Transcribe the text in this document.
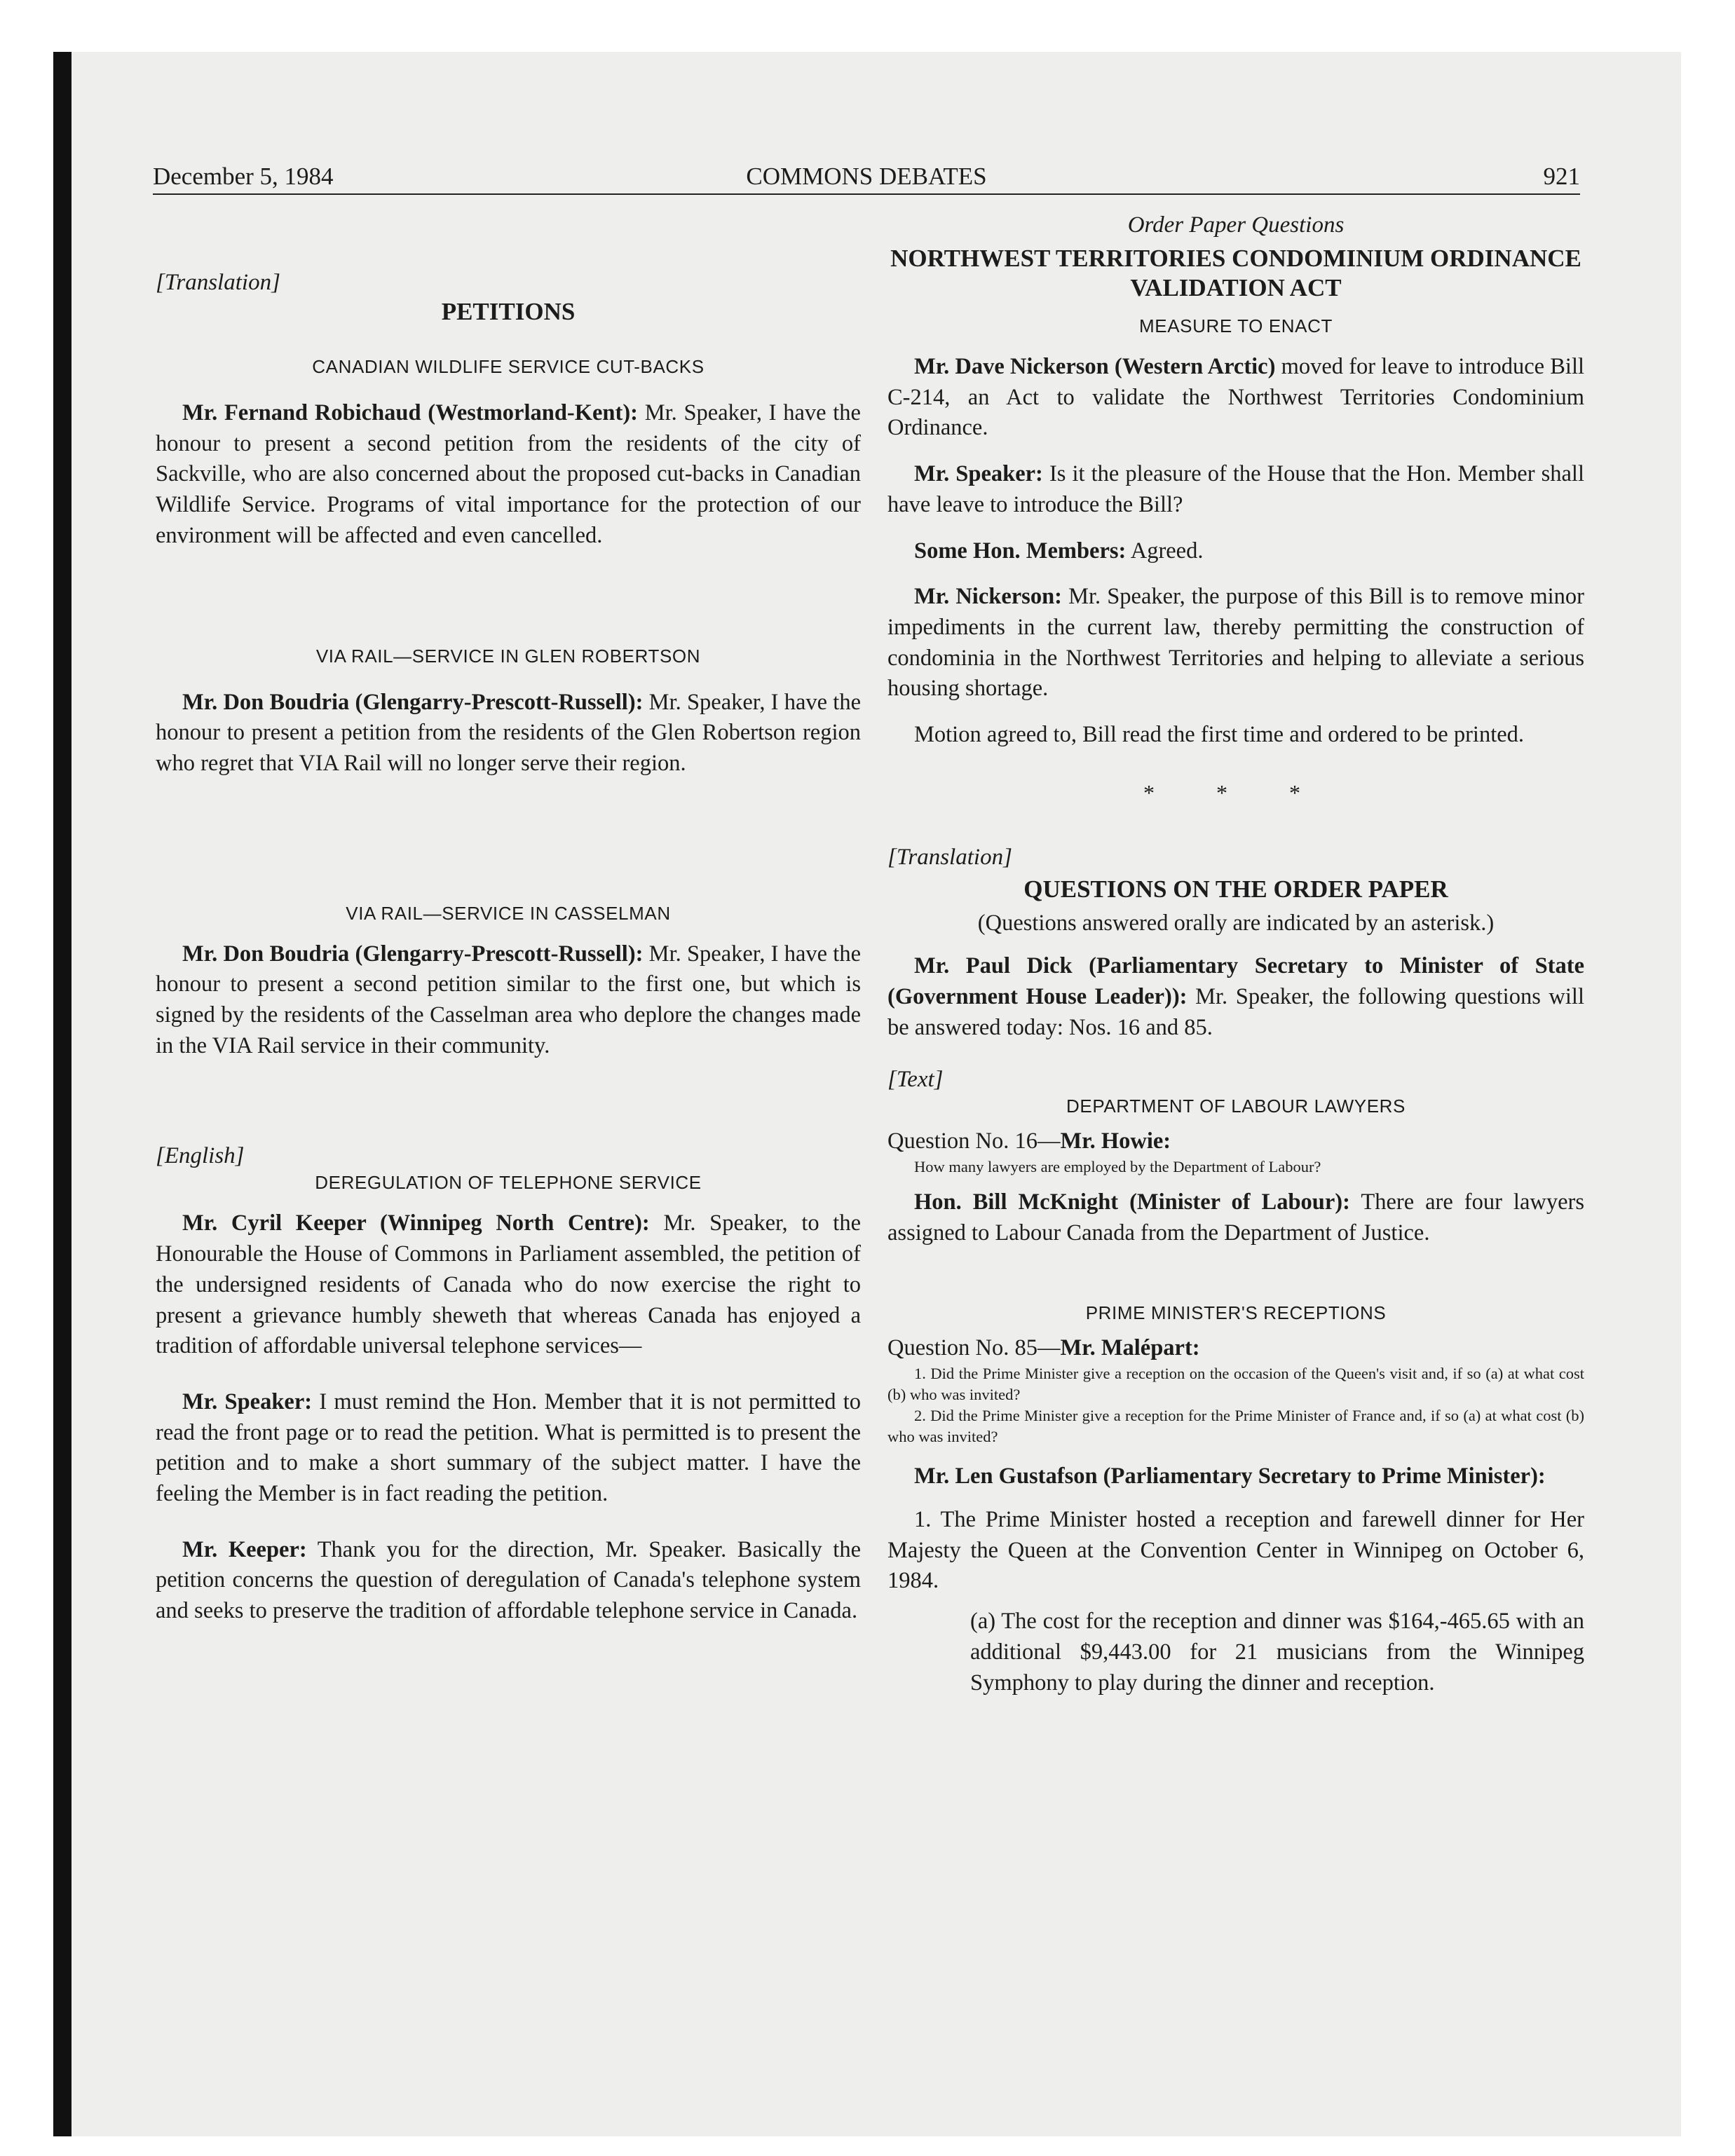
December 5, 1984	COMMONS DEBATES	921

[Translation]

PETITIONS

CANADIAN WILDLIFE SERVICE CUT-BACKS

Mr. Fernand Robichaud (Westmorland-Kent): Mr. Speaker, I have the honour to present a second petition from the residents of the city of Sackville, who are also concerned about the proposed cut-backs in Canadian Wildlife Service. Programs of vital importance for the protection of our environment will be affected and even cancelled.

VIA RAIL—SERVICE IN GLEN ROBERTSON

Mr. Don Boudria (Glengarry-Prescott-Russell): Mr. Speaker, I have the honour to present a petition from the residents of the Glen Robertson region who regret that VIA Rail will no longer serve their region.

VIA RAIL—SERVICE IN CASSELMAN

Mr. Don Boudria (Glengarry-Prescott-Russell): Mr. Speaker, I have the honour to present a second petition similar to the first one, but which is signed by the residents of the Casselman area who deplore the changes made in the VIA Rail service in their community.

[English]

DEREGULATION OF TELEPHONE SERVICE

Mr. Cyril Keeper (Winnipeg North Centre): Mr. Speaker, to the Honourable the House of Commons in Parliament assembled, the petition of the undersigned residents of Canada who do now exercise the right to present a grievance humbly sheweth that whereas Canada has enjoyed a tradition of affordable universal telephone services—

Mr. Speaker: I must remind the Hon. Member that it is not permitted to read the front page or to read the petition. What is permitted is to present the petition and to make a short summary of the subject matter. I have the feeling the Member is in fact reading the petition.

Mr. Keeper: Thank you for the direction, Mr. Speaker. Basically the petition concerns the question of deregulation of Canada's telephone system and seeks to preserve the tradition of affordable telephone service in Canada.

Order Paper Questions

NORTHWEST TERRITORIES CONDOMINIUM ORDINANCE VALIDATION ACT

MEASURE TO ENACT

Mr. Dave Nickerson (Western Arctic) moved for leave to introduce Bill C-214, an Act to validate the Northwest Territories Condominium Ordinance.

Mr. Speaker: Is it the pleasure of the House that the Hon. Member shall have leave to introduce the Bill?

Some Hon. Members: Agreed.

Mr. Nickerson: Mr. Speaker, the purpose of this Bill is to remove minor impediments in the current law, thereby permitting the construction of condominia in the Northwest Territories and helping to alleviate a serious housing shortage.

Motion agreed to, Bill read the first time and ordered to be printed.

* * *

[Translation]

QUESTIONS ON THE ORDER PAPER

(Questions answered orally are indicated by an asterisk.)

Mr. Paul Dick (Parliamentary Secretary to Minister of State (Government House Leader)): Mr. Speaker, the following questions will be answered today: Nos. 16 and 85.

[Text]

DEPARTMENT OF LABOUR LAWYERS

Question No. 16—Mr. Howie:

How many lawyers are employed by the Department of Labour?

Hon. Bill McKnight (Minister of Labour): There are four lawyers assigned to Labour Canada from the Department of Justice.

PRIME MINISTER'S RECEPTIONS

Question No. 85—Mr. Malépart:

1. Did the Prime Minister give a reception on the occasion of the Queen's visit and, if so (a) at what cost (b) who was invited?

2. Did the Prime Minister give a reception for the Prime Minister of France and, if so (a) at what cost (b) who was invited?

Mr. Len Gustafson (Parliamentary Secretary to Prime Minister):

1. The Prime Minister hosted a reception and farewell dinner for Her Majesty the Queen at the Convention Center in Winnipeg on October 6, 1984.

(a) The cost for the reception and dinner was $164,-465.65 with an additional $9,443.00 for 21 musicians from the Winnipeg Symphony to play during the dinner and reception.
